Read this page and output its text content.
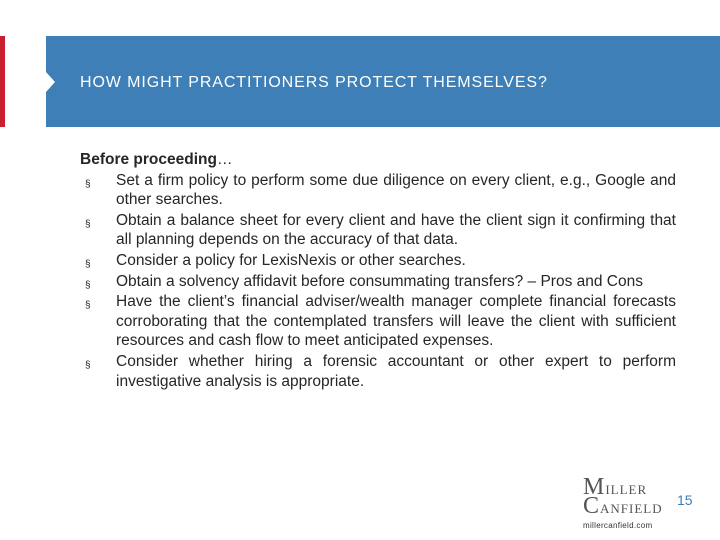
HOW MIGHT PRACTITIONERS PROTECT THEMSELVES?
Before proceeding…
§ Set a firm policy to perform some due diligence on every client, e.g., Google and other searches.
§ Obtain a balance sheet for every client and have the client sign it confirming that all planning depends on the accuracy of that data.
§ Consider a policy for LexisNexis or other searches.
§ Obtain a solvency affidavit before consummating transfers? – Pros and Cons
§ Have the client’s financial adviser/wealth manager complete financial forecasts corroborating that the contemplated transfers will leave the client with sufficient resources and cash flow to meet anticipated expenses.
§ Consider whether hiring a forensic accountant or other expert to perform investigative analysis is appropriate.
MILLER
CANFIELD
millercanfield.com
15
